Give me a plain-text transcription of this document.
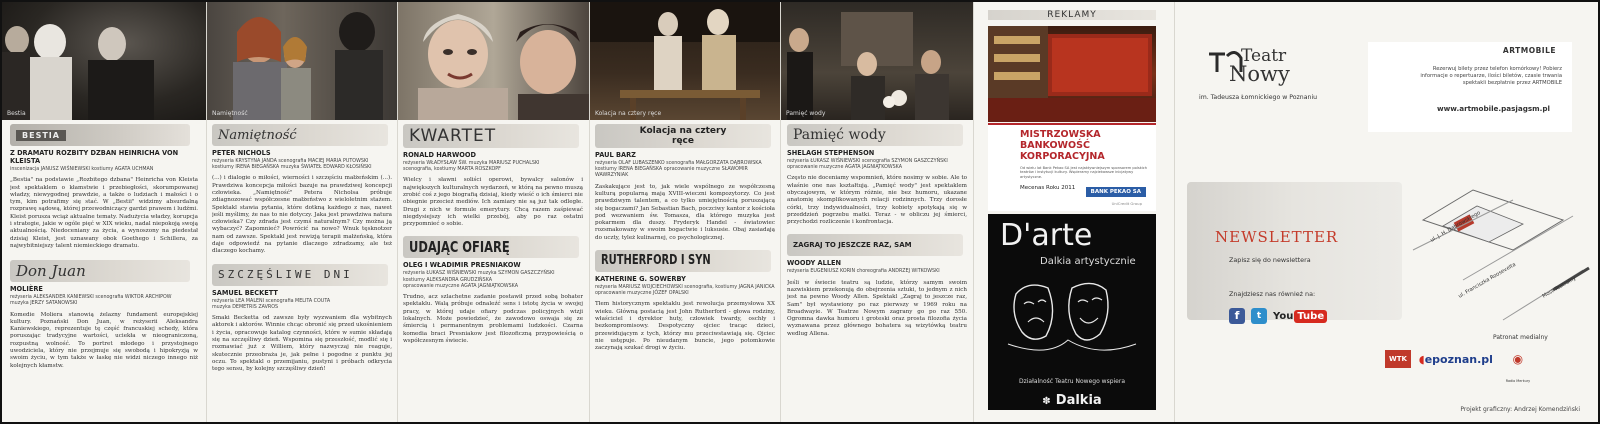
Bestia	Namiętność	Kolacja na cztery ręce	Pamięć wody
BESTIA
Z DRAMATU ROZBITY DZBAN HEINRICHA VON KLEISTA
inscenizacja JANUSZ WIŚNIEWSKI kostiumy AGATA UCHMAN
„Bestia" na podstawie „Rozbitego dzbana" Heinricha von Kleista jest spektaklem o kłamstwie i przebiegłości, skorumpowanej władzy, niewygodnej prawdzie, a także o ludziach i małości i o tym, kim potrafimy się stać. W „Bestii" widzimy absurdalną rozprawę sądową, której przewodniczący gardzi prawem i ludźmi. Kleist poruszа wciąż aktualne tematy. Nadużycia władzy, korupcja i strategie, jakie w ogóle pięć w XIX wieku, nadal niepokoją swoją aktualnością. Niedoceniany za życia, a wynoszony na piedestał dzisiaj Kleist, jest uznawany obok Goethego i Schillera, za najwybitniejszy talent niemieckiego dramatu.
Don Juan
MOLIÈRE
reżyseria ALEKSANDER KANIEWSKI scenografia WIKTOR ARCHIPOW
muzyka JERZY SATANOWSKI
Komedie Moliera stanowią żelazny fundament europejskiej kultury. Poznański Don Juan, w reżyserii Aleksandra Kaniewskiego, reprezentuje tę część francuskiej schedy, która poruszając tradycyjne wartości, uciekła w nieograniczoną, rozpustną wolność. To portret młodego i przystojnego uwodziciela, który nie przejmuje się swobodą i hipokryzją w swoim życiu, w tym także w łaskę nie widzi niczego innego niż kolejnych kłamstw.
Namiętność
PETER NICHOLS
reżyseria KRYSTYNA JANDA scenografia MACIEJ MARIA PUTOWSKI
kostiumy IRENA BIEGAŃSKA muzyka ŚWIATEŁ EDWARD KŁOSIŃSKI
(...) i dialogie o miłości, wierności i szczęściu małżeńskim (...). Prawdziwa koncepcja miłości bazuje na prawdziwej koncepcji człowieka. „Namiętność" Petera Nicholsa próbuje zdiagnozować współczesne małżeństwo z wieloletnim stażem. Spektakl stawia pytania, które dotkną każdego z nas, nawet jeśli myślimy, że nas to nie dotyczy. Jaka jest prawdziwa natura człowieka? Czy zdrada jest czymś naturalnym? Czy można ją wybaczyć? Zapomnieć? Powrócić na nowo? Wnuk tęsknotzer nam od zawsze. Spektakl jest rewizją terapii małżeńską, która daje odpowiedź na pytanie dlaczego zdradzamy, ale też dlaczego kochamy.
SZCZĘŚLIWE DNI
SAMUEL BECKETT
reżyseria LEA MALENI scenografia MELITA COUTA
muzyka DEMETRIS ZAVROS
Smaki Becketta od zawsze były wyzwaniem dla wybitnych aktorek i aktorów. Winnie chcąc obronić się przed ukośnieniem i życia, opracowuje katalog czynności, które w sumie składają się na szczęśliwy dzień. Wspomina się przeszłość, modlić się i rozmawiać już z Williem, który nazwyczaj nie reaguje, skutecznie przeobraża je, jak pełne i pogodne z punktu jej oczu. To spektakl o przemijaniu, pustyni i próbach odkrycia tego sensu, by kolejny szczęśliwy dzień!
KWARTET
RONALD HARWOOD
reżyseria WŁADYSŁAW ŚW. muzyka MARIUSZ PUCHALSKI
scenografia, kostiumy MARTA ROSZKOPF
Wielcy i sławni soliści operowi, bywalcy salonów i największych kulturalnych wydarzeń, w którą na pewno muszą zrobić coś z jego biografią dzisiaj, kiedy wieść o ich śmierci nie obiegnie przecież mediów. Ich zamiary nie są już tak odległe. Drugi z nich w formule emerytury. Chcą razem zaśpiewać niegdysiejszy ich wielki przebój, aby po raz ostatni przypomnieć o sobie.
UDAJĄC OFIARĘ
OLEG I WŁADIMIR PRESNIAKOW
reżyseria ŁUKASZ WIŚNIEWSKI muzyka SZYMON GASZCZYŃSKI
kostiumy ALEKSANDRA GRUDZIŃSKA
opracowanie muzyczne AGATA JAGNIĄTKOWSKA
Trudno, acz szlachetne zadanie postawił przed sobą bohater spektaklu. Walą próbuje odnaleźć sens i istotę życia w swojej pracy, w której udaje ofiary podczas policyjnych wizji lokalnych. Może powiedzieć, że zawodowo oswaja się ze śmiercią i permanentnym problemami ludzkości. Czarna komedia braci Presniakow jest filozoficzną przypowieścią o współczesnym świecie.
Kolacja na cztery ręce
PAUL BARZ
reżyseria OLAF LUBASZENKO scenografia MAŁGORZATA DĄBROWSKA
kostiumy IRENA BIEGAŃSKA opracowanie muzyczne SŁAWOMIR WAWRZYNIAK
Zaskakujące jest to, jak wiele wspólnego ze współczesną kulturą popularną mają XVIII-wieczni kompozytorzy. Co jest prawdziwym talentem, a co tylko umiejętnością poruszającą się bogaczami? Jan Sebastian Bach, poczciwy kantor z kościoła pod wezwaniem św. Tomasza, dla którego muzyka jest pokarmem dla duszy. Fryderyk Handel - światowiec rozsmakowany w swoim bogactwie i luksusie. Obaj zasiadają do uczty, tyleż kulinarnej, co psychologicznej.
RUTHERFORD I SYN
KATHERINE G. SOWERBY
reżyseria MARIUSZ WOJCIECHOWSKI scenografia, kostiumy JAGNA JANICKA
opracowanie muzyczne JÓZEF OPALSKI
Tłem historycznym spektaklu jest rewolucja przemysłowa XX wieku. Główną postacią jest John Rutherford - głowa rodziny, właściciel i dyrektor huty, człowiek twardy, oschły i bezkompromisowy. Despotyczny ojciec tracąc dzieci, przewidującym z tych, którzy mu przeciwstawiają się. Ojciec nie ustępuje. Po nieudanym buncie, jego potomkowie zaczynają szukać drogi w życiu.
Pamięć wody
SHELAGH STEPHENSON
reżyseria ŁUKASZ WIŚNIEWSKI scenografia SZYMON GASZCZYŃSKI
opracowanie muzyczne AGATA JAGNIĄTKOWSKA
Często nie doceniamy wspomnień, które nosimy w sobie. Ale to właśnie one nas kształtują. „Pamięć wody" jest spektaklem obyczajowym, w którym różnie, nie bez humoru, ukazane anatomię skomplikowanych relacji rodzinnych. Trzy dorosłe córki, trzy indywidualności, trzy kobiety spotykają się w przeddzień pogrzebu matki. Teraz - w obliczu jej śmierci, przychodzi rozliczenie i konfrontacja.
ZAGRAJ TO JESZCZE RAZ, SAM
WOODY ALLEN
reżyseria EUGENIUSZ KORIN choreografia ANDRZEJ WITKOWSKI
Jeśli w świecie teatru są ludzie, którzy samym swoim nazwiskiem przekonują do obejrzenia sztuki, to jednym z nich jest na pewno Woody Allen. Spektakl „Zagraj to jeszcze raz, Sam" był wystawiony po raz pierwszy w 1969 roku na Broadwayie. W Teatrze Nowym zagrany go po raz 550. Ogromna dawka humoru i groteski oraz prosta filozofia życia wyznawana przez głównego bohatera są wizytówką teatru wedlug Allena.
REKLAMY
MISTRZOWSKA BANKOWOŚĆ KORPORACYJNA
Od wielu lat Bank Pekao SA jest najaktywniejszym sponsorem polskich teatrów i instytucji kultury. Wspieramy najciekawsze inicjatywy artystyczne.
Mecenas Roku 2011
BANK PEKAO SA
UniCredit Group
D'arte
Dalkia artystycznie
Działalność Teatru Nowego wspiera
✽ Dalkia
Teatr
Nowy
im. Tadeusza Łomnickiego w Poznaniu
ARTMOBILE
Rezerwuj bilety przez telefon komórkowy! Pobierz informacje o repertuarze, ilości biletów, czasie trwania spektakli bezpłatnie przez ARTMOBILE
www.artmobile.pasjagsm.pl
NEWSLETTER
Zapisz się do newslettera
Znajdziesz nas również na:
f	t	You Tube
ul. J. H. Dąbrowskiego
ul. Franciszka Roosevelta	Most Teatralny
Patronat medialny
WTK	◖epoznan.pl	◉
Radio Merkury
Projekt graficzny: Andrzej Komendziński
